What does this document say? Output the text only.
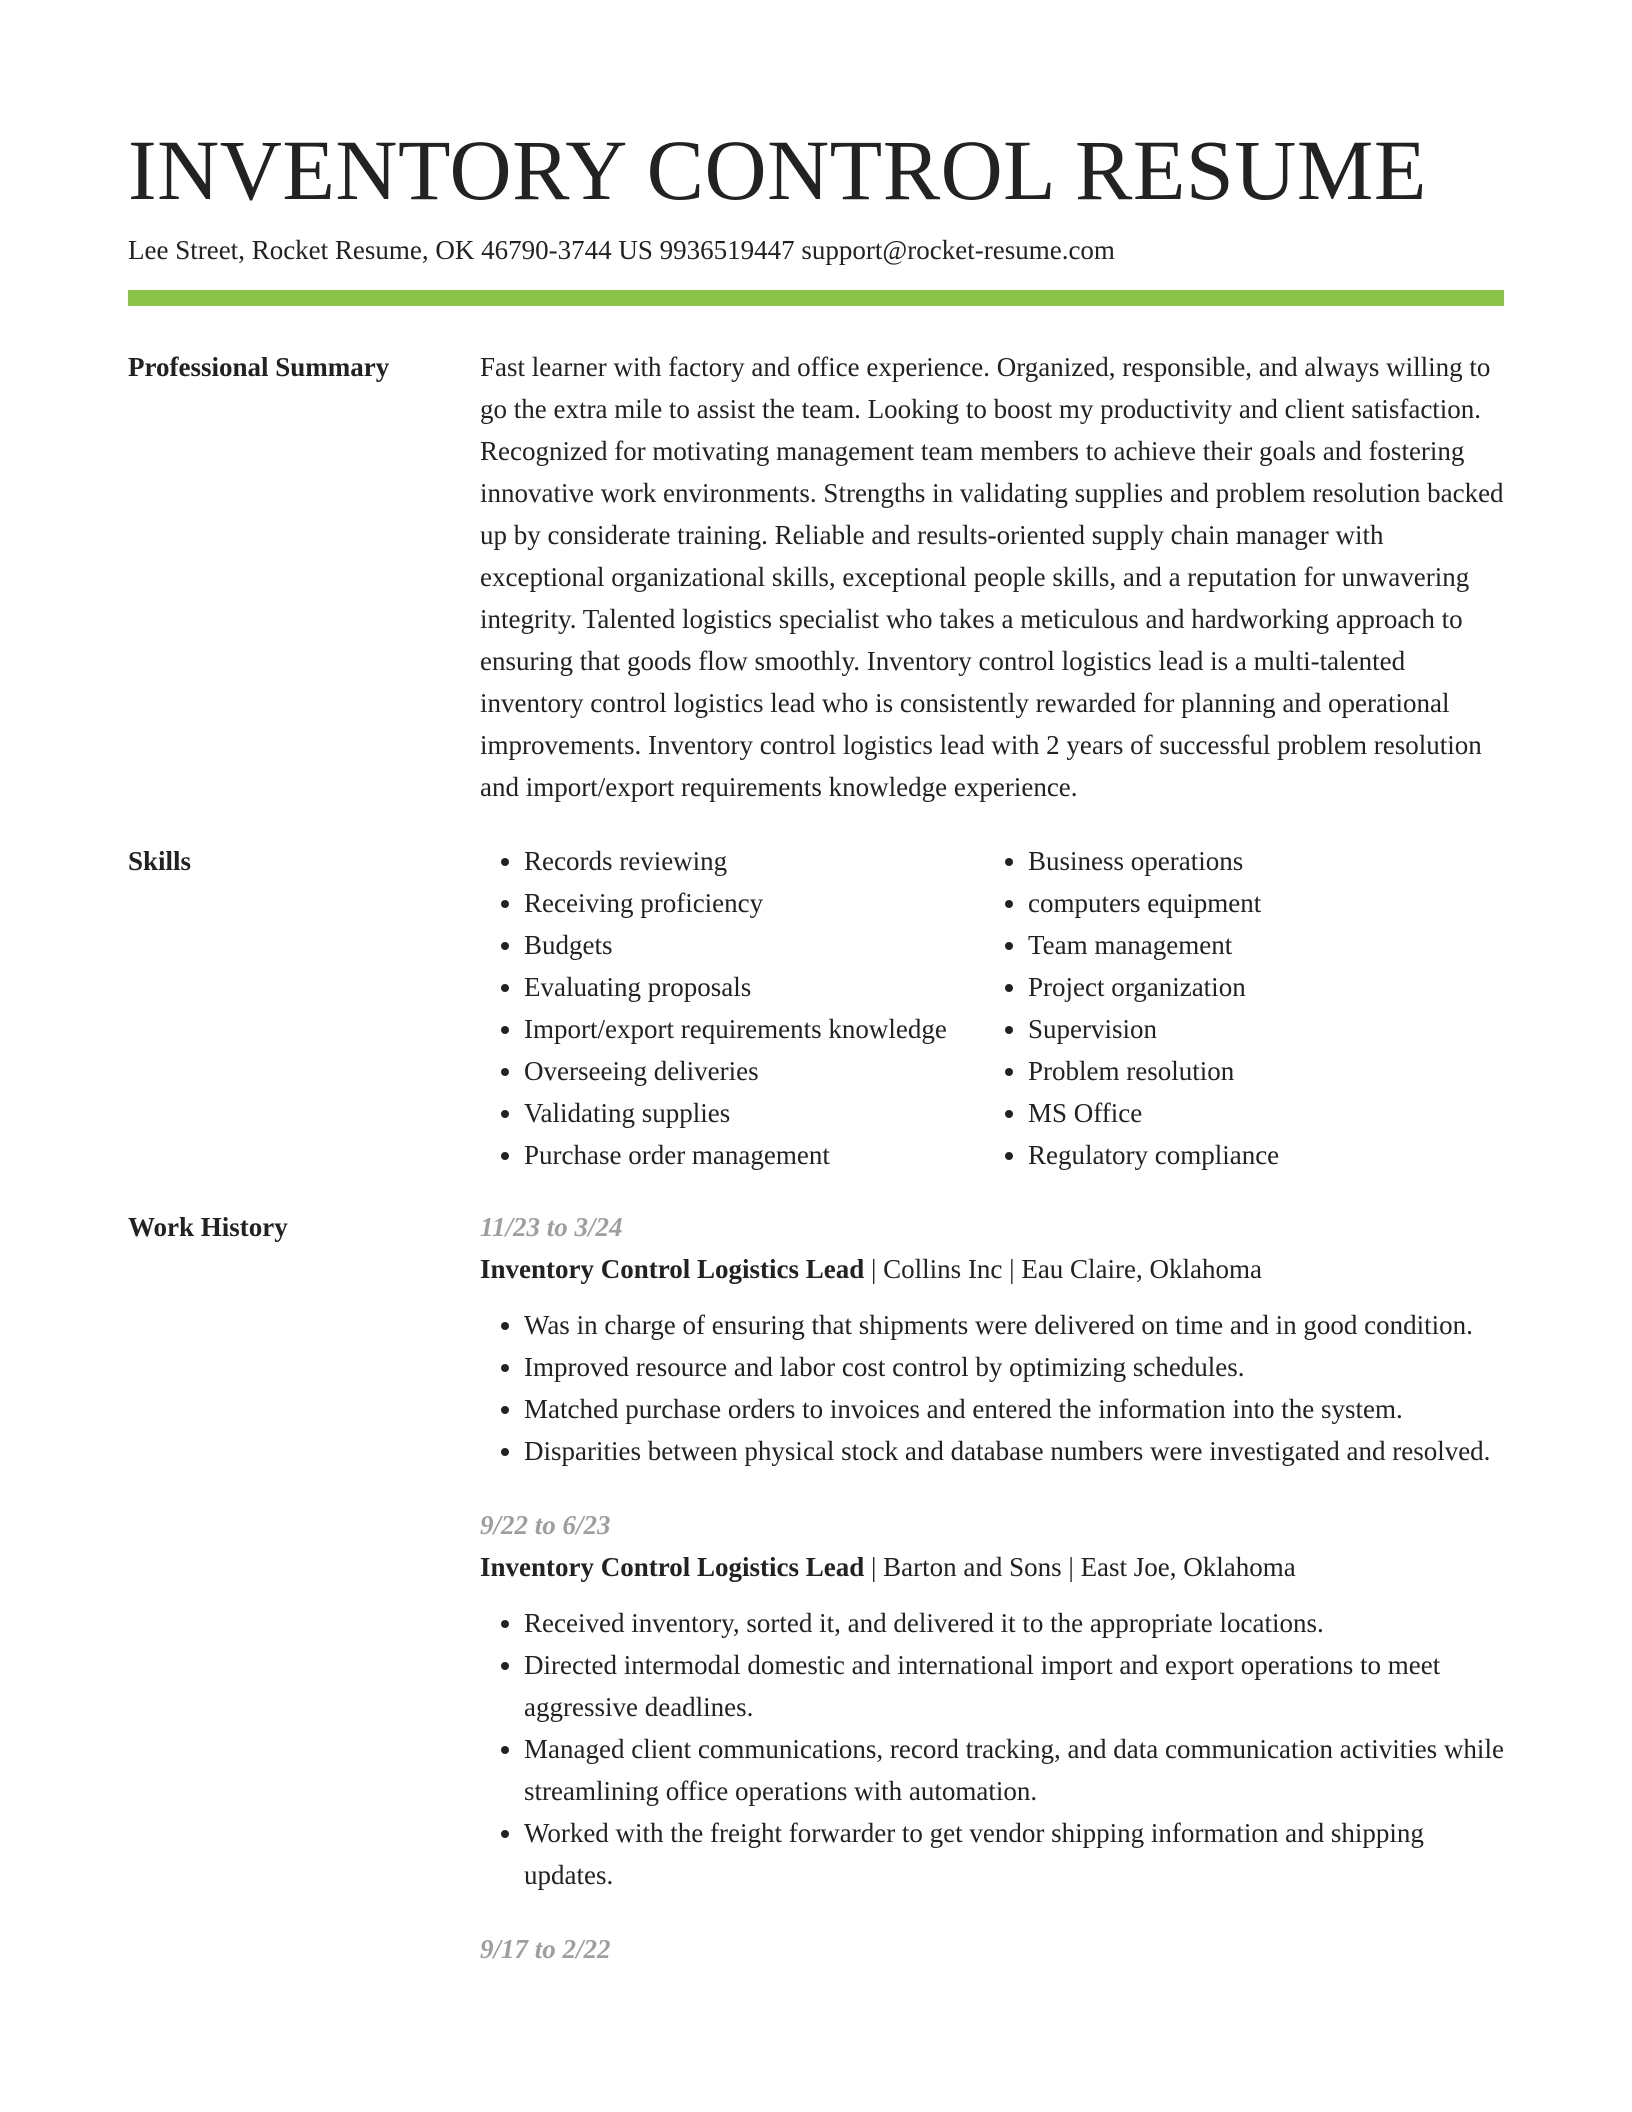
INVENTORY CONTROL RESUME
Lee Street, Rocket Resume, OK 46790-3744 US 9936519447 support@rocket-resume.com
Professional Summary	Fast learner with factory and office experience. Organized, responsible, and always willing to go the extra mile to assist the team. Looking to boost my productivity and client satisfaction. Recognized for motivating management team members to achieve their goals and fostering innovative work environments. Strengths in validating supplies and problem resolution backed up by considerate training. Reliable and results-oriented supply chain manager with exceptional organizational skills, exceptional people skills, and a reputation for unwavering integrity. Talented logistics specialist who takes a meticulous and hardworking approach to ensuring that goods flow smoothly. Inventory control logistics lead is a multi-talented inventory control logistics lead who is consistently rewarded for planning and operational improvements. Inventory control logistics lead with 2 years of successful problem resolution and import/export requirements knowledge experience.

Skills
•	Records reviewing
• Receiving proficiency
• Budgets
• Evaluating proposals
• Import/export requirements knowledge
• Overseeing deliveries
• Validating supplies
• Purchase order management
• Business operations
• computers equipment
• Team management
• Project organization
• Supervision
• Problem resolution
• MS Office
• Regulatory compliance
Work History	11/23 to 3/24
Inventory Control Logistics Lead | Collins Inc | Eau Claire, Oklahoma
• Was in charge of ensuring that shipments were delivered on time and in good condition.
• Improved resource and labor cost control by optimizing schedules.
• Matched purchase orders to invoices and entered the information into the system.
• Disparities between physical stock and database numbers were investigated and resolved.
9/22 to 6/23
Inventory Control Logistics Lead | Barton and Sons | East Joe, Oklahoma
• Received inventory, sorted it, and delivered it to the appropriate locations.
• Directed intermodal domestic and international import and export operations to meet aggressive deadlines.
• Managed client communications, record tracking, and data communication activities while streamlining office operations with automation.
• Worked with the freight forwarder to get vendor shipping information and shipping updates.
9/17 to 2/22
